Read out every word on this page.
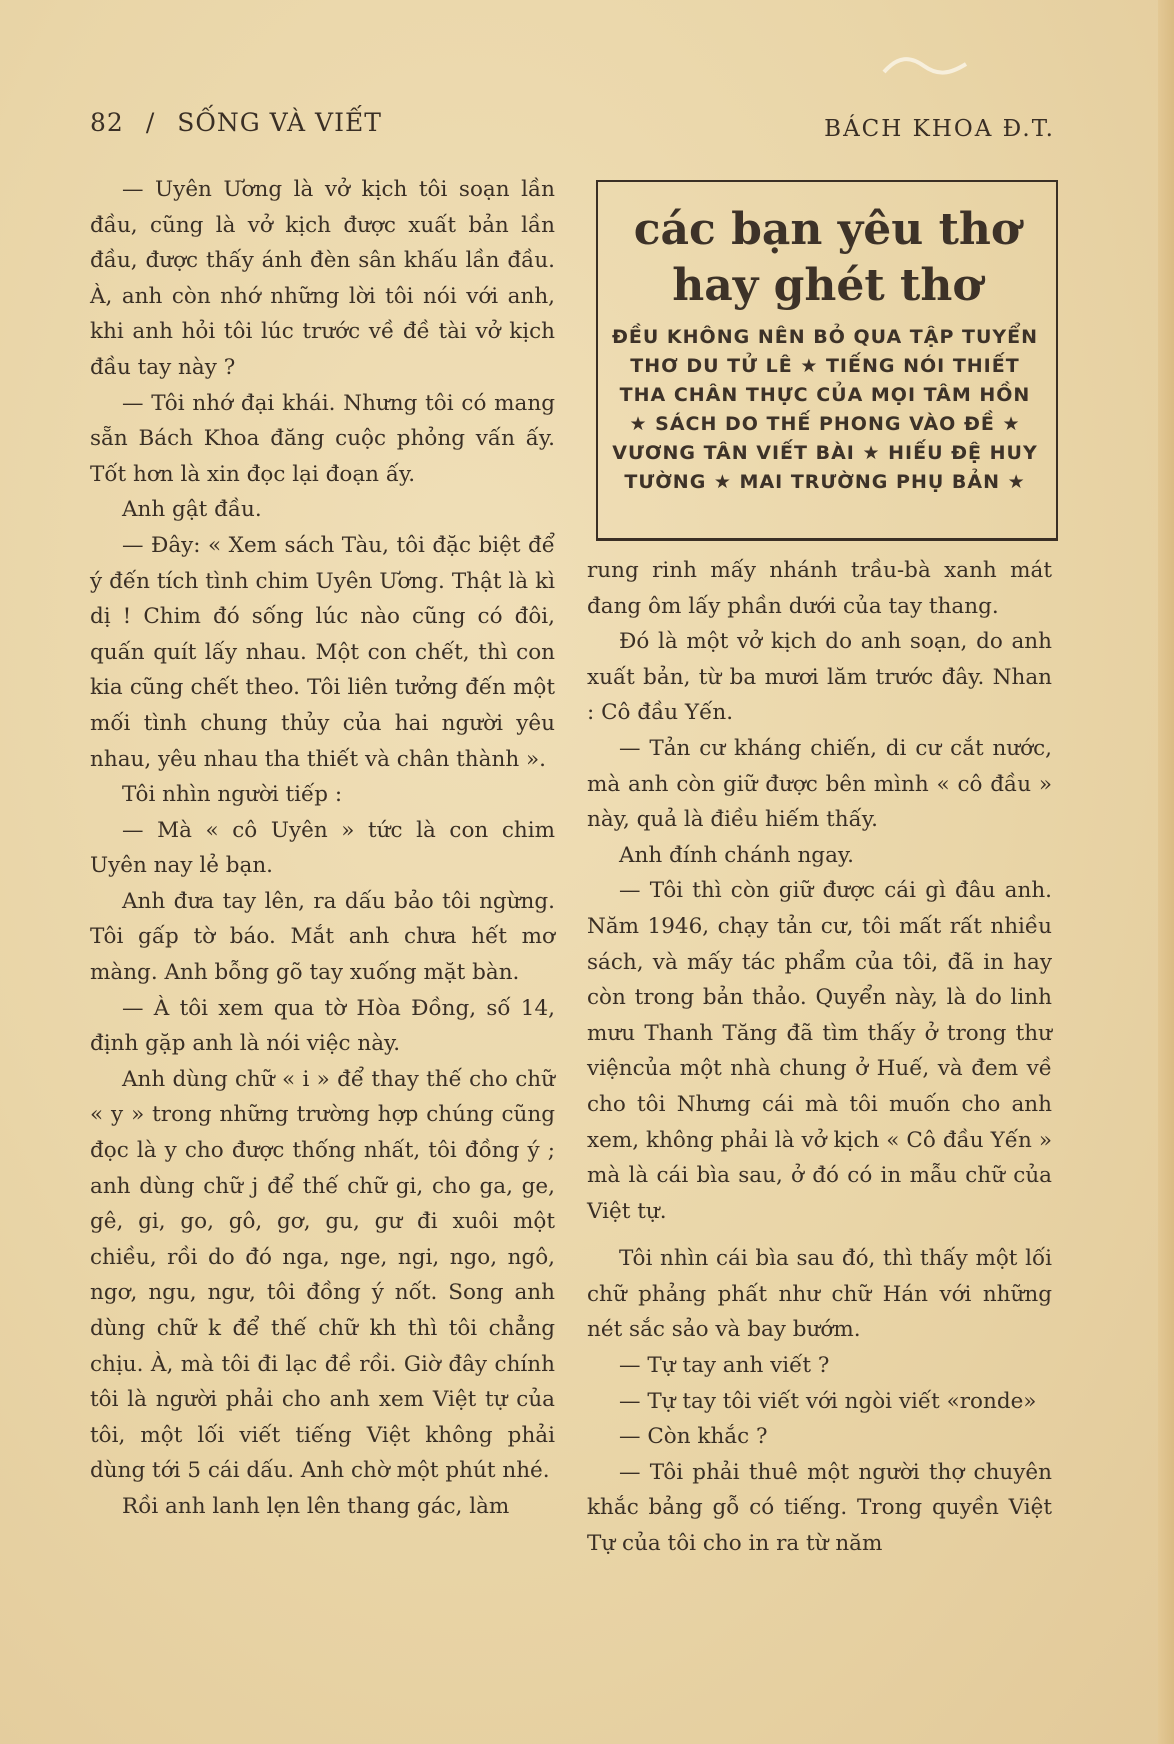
82 / SỐNG VÀ VIẾT	BÁCH KHOA Đ.T.

— Uyên Ương là vở kịch tôi soạn lần đầu, cũng là vở kịch được xuất bản lần đầu, được thấy ánh đèn sân khấu lần đầu. À, anh còn nhớ những lời tôi nói với anh, khi anh hỏi tôi lúc trước về đề tài vở kịch đầu tay này ?

— Tôi nhớ đại khái. Nhưng tôi có mang sẵn Bách Khoa đăng cuộc phỏng vấn ấy. Tốt hơn là xin đọc lại đoạn ấy.

Anh gật đầu.

— Đây: « Xem sách Tàu, tôi đặc biệt để ý đến tích tình chim Uyên Ương. Thật là kì dị ! Chim đó sống lúc nào cũng có đôi, quấn quít lấy nhau. Một con chết, thì con kia cũng chết theo. Tôi liên tưởng đến một mối tình chung thủy của hai người yêu nhau, yêu nhau tha thiết và chân thành ».

Tôi nhìn người tiếp :

— Mà « cô Uyên » tức là con chim Uyên nay lẻ bạn.

Anh đưa tay lên, ra dấu bảo tôi ngừng. Tôi gấp tờ báo. Mắt anh chưa hết mơ màng. Anh bỗng gõ tay xuống mặt bàn.

— À tôi xem qua tờ Hòa Đồng, số 14, định gặp anh là nói việc này.

Anh dùng chữ « i » để thay thế cho chữ « y » trong những trường hợp chúng cũng đọc là y cho được thống nhất, tôi đồng ý ; anh dùng chữ j để thế chữ gi, cho ga, ge, gê, gi, go, gô, gơ, gu, gư đi xuôi một chiều, rồi do đó nga, nge, ngi, ngo, ngô, ngơ, ngu, ngư, tôi đồng ý nốt. Song anh dùng chữ k để thế chữ kh thì tôi chẳng chịu. À, mà tôi đi lạc đề rồi. Giờ đây chính tôi là người phải cho anh xem Việt tự của tôi, một lối viết tiếng Việt không phải dùng tới 5 cái dấu. Anh chờ một phút nhé.

Rồi anh lanh lẹn lên thang gác, làm

các bạn yêu thơ
hay ghét thơ
ĐỀU KHÔNG NÊN BỎ QUA TẬP TUYỂN THƠ DU TỬ LÊ ★ TIẾNG NÓI THIẾT THA CHÂN THỰC CỦA MỌI TÂM HỒN ★ SÁCH DO THẾ PHONG VÀO ĐỀ ★ VƯƠNG TÂN VIẾT BÀI ★ HIẾU ĐỆ HUY TƯỜNG ★ MAI TRƯỜNG PHỤ BẢN ★

rung rinh mấy nhánh trầu-bà xanh mát đang ôm lấy phần dưới của tay thang.

Đó là một vở kịch do anh soạn, do anh xuất bản, từ ba mươi lăm trước đây. Nhan : Cô đầu Yến.

— Tản cư kháng chiến, di cư cắt nước, mà anh còn giữ được bên mình « cô đầu » này, quả là điều hiếm thấy.

Anh đính chánh ngay.

— Tôi thì còn giữ được cái gì đâu anh. Năm 1946, chạy tản cư, tôi mất rất nhiều sách, và mấy tác phẩm của tôi, đã in hay còn trong bản thảo. Quyển này, là do linh mưu Thanh Tăng đã tìm thấy ở trong thư việncủa một nhà chung ở Huế, và đem về cho tôi Nhưng cái mà tôi muốn cho anh xem, không phải là vở kịch « Cô đầu Yến » mà là cái bìa sau, ở đó có in mẫu chữ của Việt tự.

Tôi nhìn cái bìa sau đó, thì thấy một lối chữ phảng phất như chữ Hán với những nét sắc sảo và bay bướm.

— Tự tay anh viết ?

— Tự tay tôi viết với ngòi viết «ronde»

— Còn khắc ?

— Tôi phải thuê một người thợ chuyên khắc bảng gỗ có tiếng. Trong quyền Việt Tự của tôi cho in ra từ năm
